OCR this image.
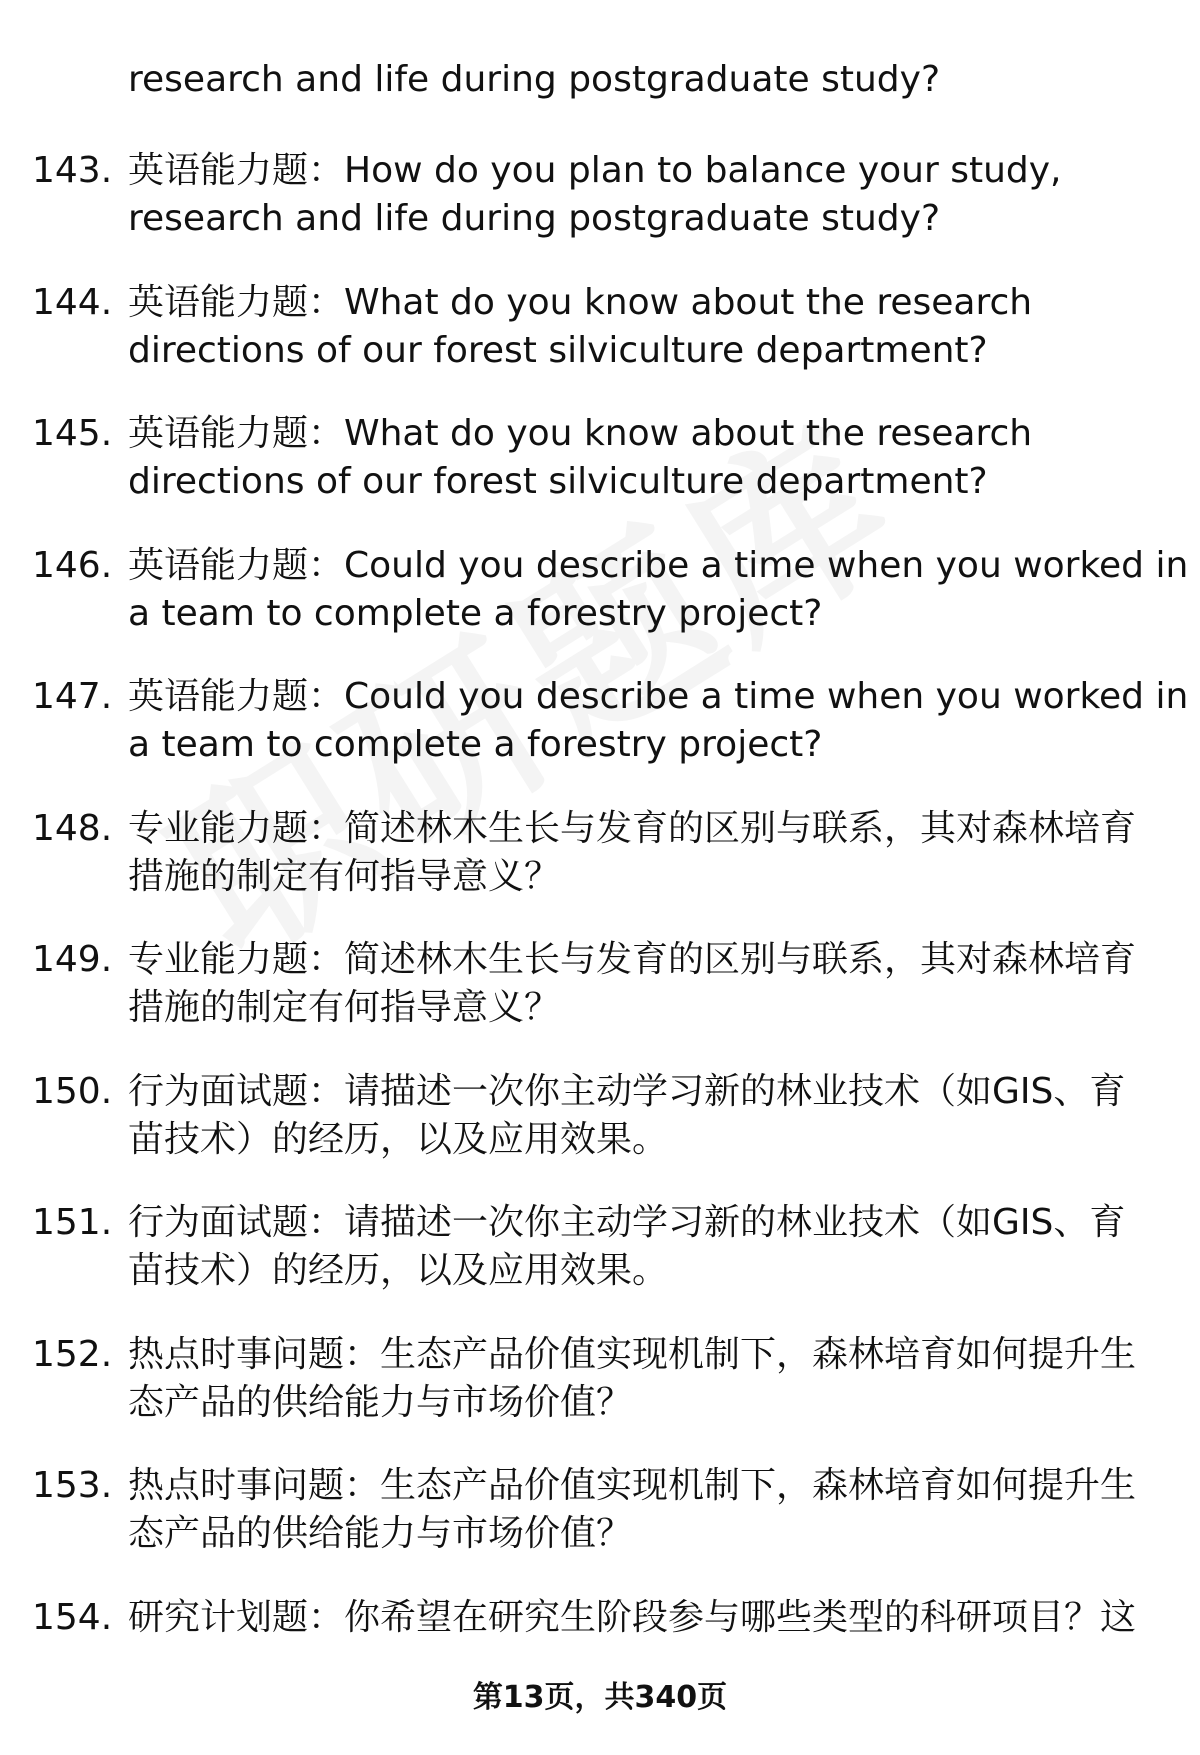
research and life during postgraduate study?
143. 英语能力题：How do you plan to balance your study,
research and life during postgraduate study?
144. 英语能力题：What do you know about the research
directions of our forest silviculture department?
145. 英语能力题：What do you know about the research
directions of our forest silviculture department?
146. 英语能力题：Could you describe a time when you worked in
a team to complete a forestry project?
147. 英语能力题：Could you describe a time when you worked in
a team to complete a forestry project?
148. 专业能力题：简述林木生长与发育的区别与联系，其对森林培育
措施的制定有何指导意义？
149. 专业能力题：简述林木生长与发育的区别与联系，其对森林培育
措施的制定有何指导意义？
150. 行为面试题：请描述一次你主动学习新的林业技术（如GIS、育
苗技术）的经历，以及应用效果。
151. 行为面试题：请描述一次你主动学习新的林业技术（如GIS、育
苗技术）的经历，以及应用效果。
152. 热点时事问题：生态产品价值实现机制下，森林培育如何提升生
态产品的供给能力与市场价值？
153. 热点时事问题：生态产品价值实现机制下，森林培育如何提升生
态产品的供给能力与市场价值？
154. 研究计划题：你希望在研究生阶段参与哪些类型的科研项目？这
第13页，共340页
